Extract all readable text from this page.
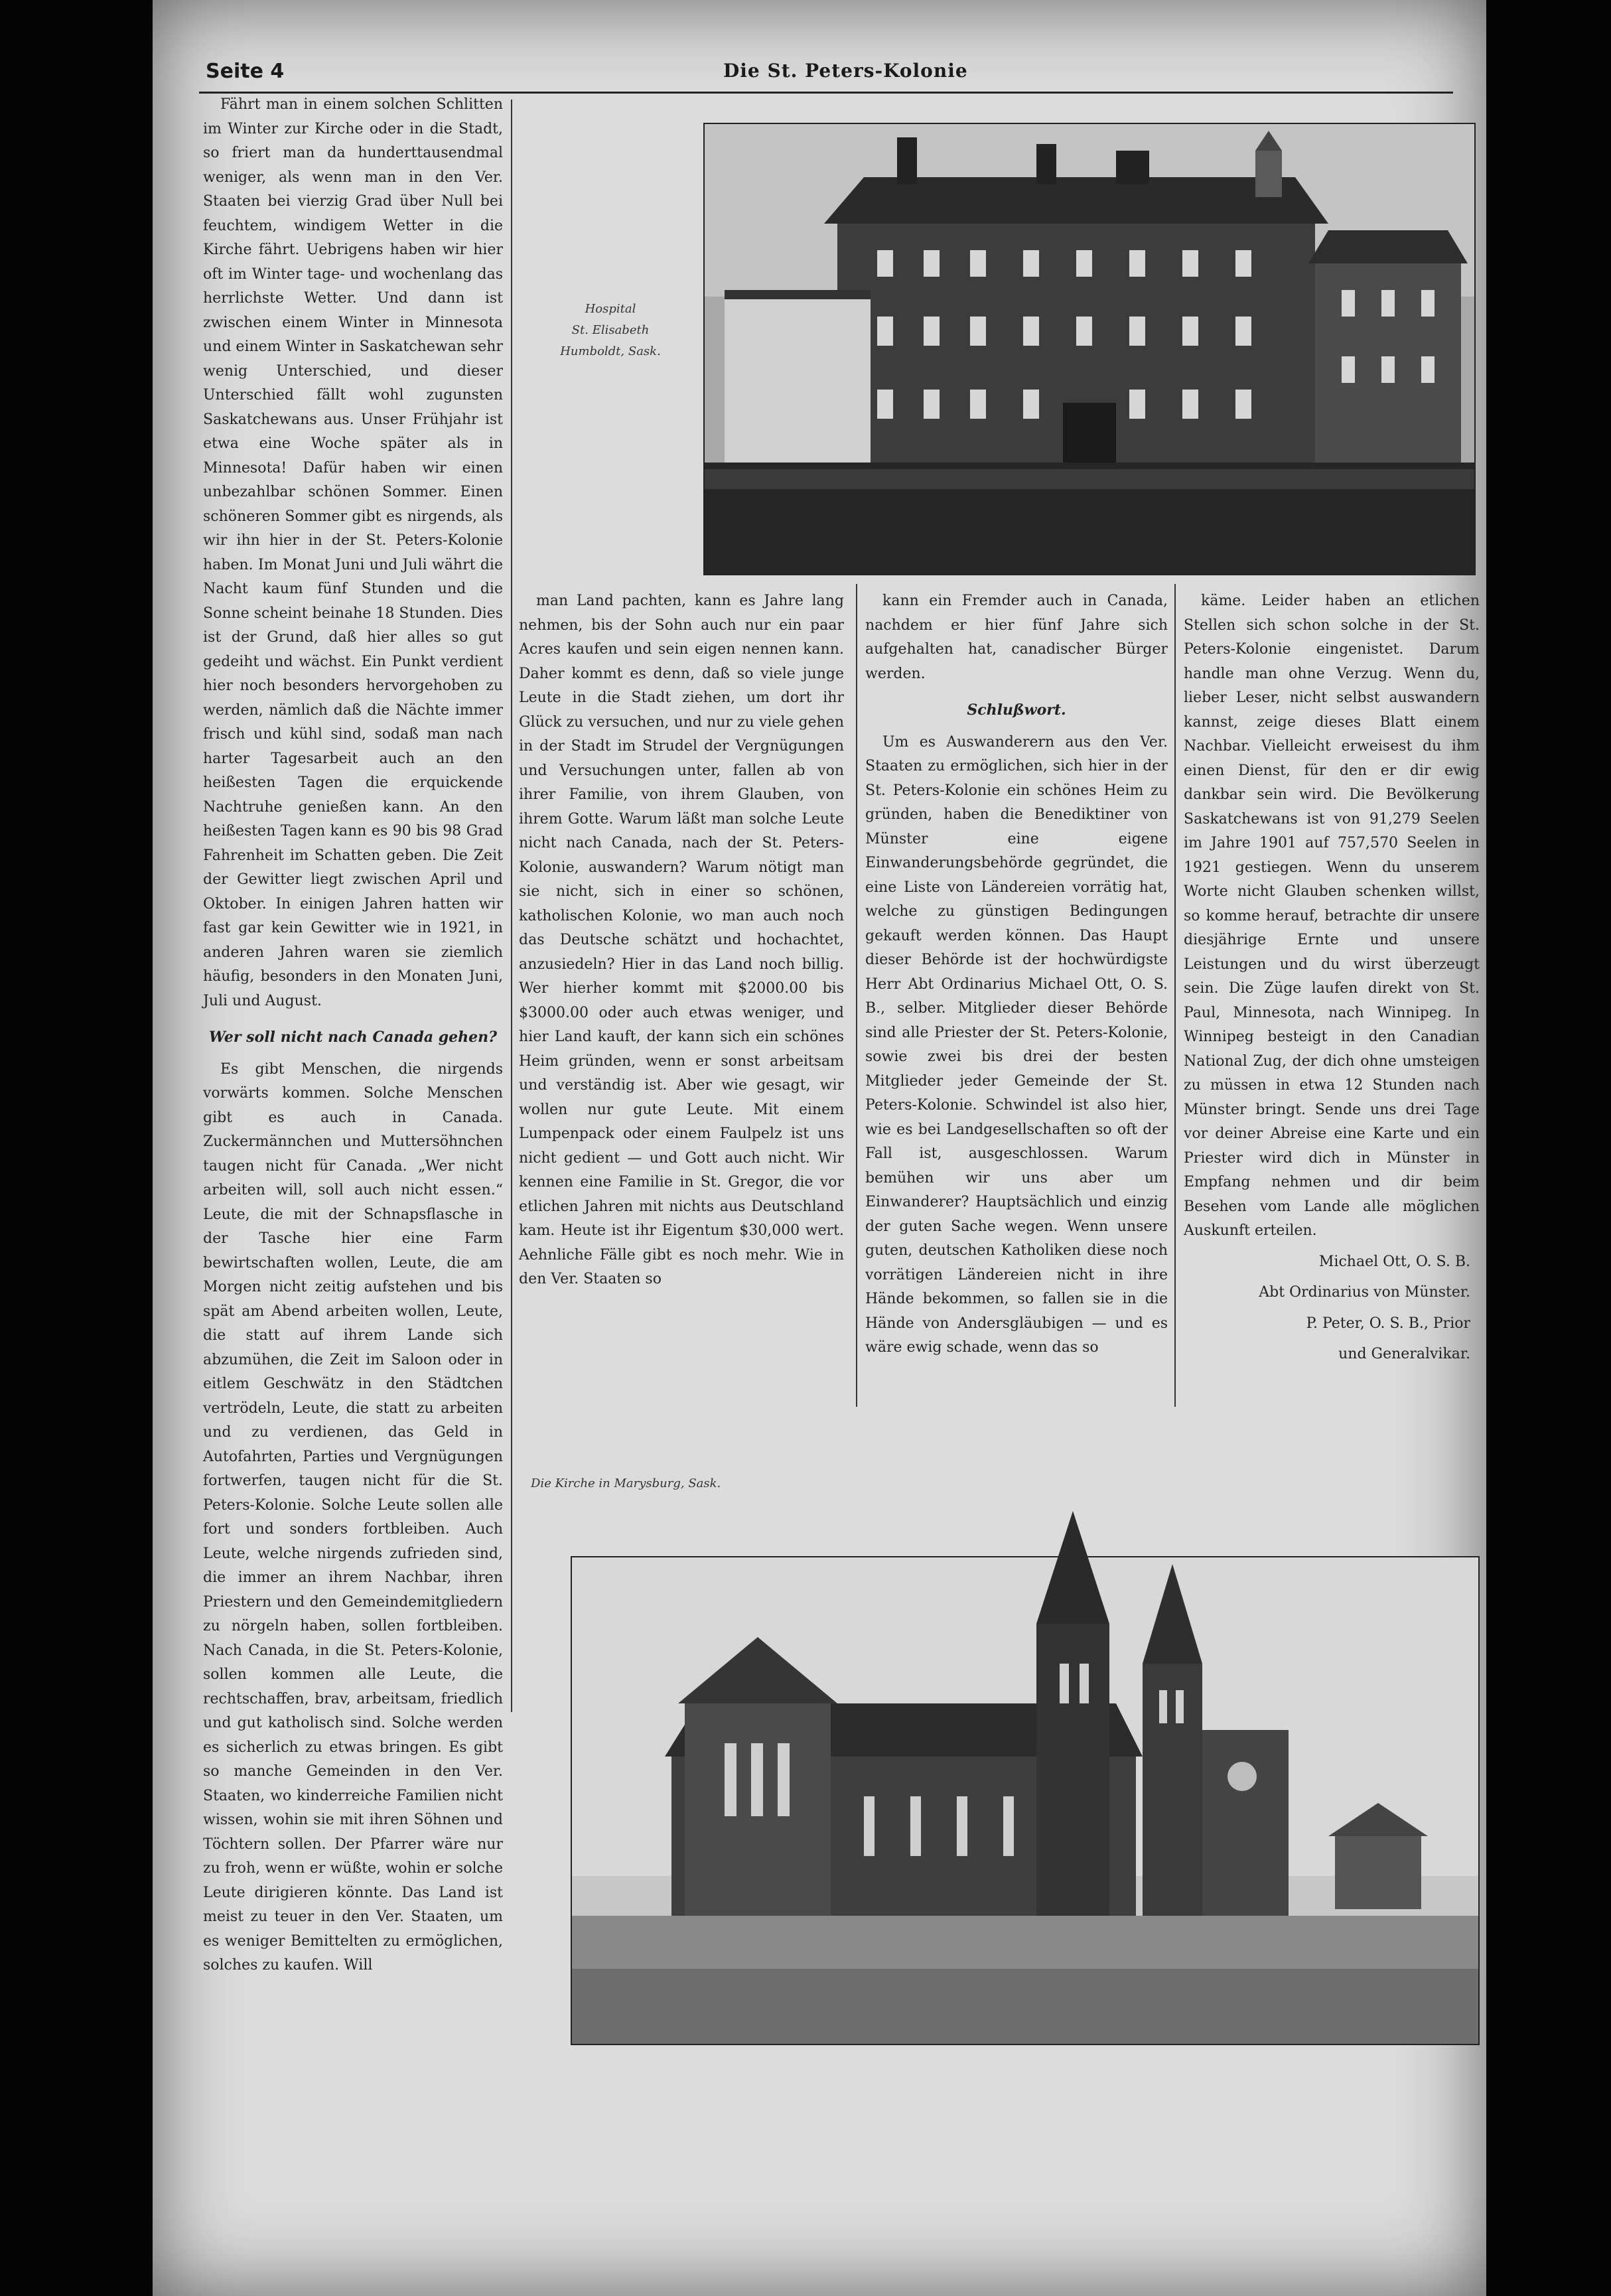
Seite 4	Die St. Peters-Kolonie

Fährt man in einem solchen Schlitten im Winter zur Kirche oder in die Stadt, so friert man da hunderttausendmal weniger, als wenn man in den Ver. Staaten bei vierzig Grad über Null bei feuchtem, windigem Wetter in die Kirche fährt. Uebrigens haben wir hier oft im Winter tage- und wochenlang das herrlichste Wetter. Und dann ist zwischen einem Winter in Minnesota und einem Winter in Saskatchewan sehr wenig Unterschied, und dieser Unterschied fällt wohl zugunsten Saskatchewans aus. Unser Frühjahr ist etwa eine Woche später als in Minnesota! Dafür haben wir einen unbezahlbar schönen Sommer. Einen schöneren Sommer gibt es nirgends, als wir ihn hier in der St. Peters-Kolonie haben. Im Monat Juni und Juli währt die Nacht kaum fünf Stunden und die Sonne scheint beinahe 18 Stunden. Dies ist der Grund, daß hier alles so gut gedeiht und wächst. Ein Punkt verdient hier noch besonders hervorgehoben zu werden, nämlich daß die Nächte immer frisch und kühl sind, sodaß man nach harter Tagesarbeit auch an den heißesten Tagen die erquickende Nachtruhe genießen kann. An den heißesten Tagen kann es 90 bis 98 Grad Fahrenheit im Schatten geben. Die Zeit der Gewitter liegt zwischen April und Oktober. In einigen Jahren hatten wir fast gar kein Gewitter wie in 1921, in anderen Jahren waren sie ziemlich häufig, besonders in den Monaten Juni, Juli und August.

Wer soll nicht nach Canada gehen?

Es gibt Menschen, die nirgends vorwärts kommen. Solche Menschen gibt es auch in Canada. Zuckermännchen und Muttersöhnchen taugen nicht für Canada. „Wer nicht arbeiten will, soll auch nicht essen.“ Leute, die mit der Schnapsflasche in der Tasche hier eine Farm bewirtschaften wollen, Leute, die am Morgen nicht zeitig aufstehen und bis spät am Abend arbeiten wollen, Leute, die statt auf ihrem Lande sich abzumühen, die Zeit im Saloon oder in eitlem Geschwätz in den Städtchen vertrödeln, Leute, die statt zu arbeiten und zu verdienen, das Geld in Autofahrten, Parties und Vergnügungen fortwerfen, taugen nicht für die St. Peters-Kolonie. Solche Leute sollen alle fort und sonders fortbleiben. Auch Leute, welche nirgends zufrieden sind, die immer an ihrem Nachbar, ihren Priestern und den Gemeindemitgliedern zu nörgeln haben, sollen fortbleiben. Nach Canada, in die St. Peters-Kolonie, sollen kommen alle Leute, die rechtschaffen, brav, arbeitsam, friedlich und gut katholisch sind. Solche werden es sicherlich zu etwas bringen. Es gibt so manche Gemeinden in den Ver. Staaten, wo kinderreiche Familien nicht wissen, wohin sie mit ihren Söhnen und Töchtern sollen. Der Pfarrer wäre nur zu froh, wenn er wüßte, wohin er solche Leute dirigieren könnte. Das Land ist meist zu teuer in den Ver. Staaten, um es weniger Bemittelten zu ermöglichen, solches zu kaufen. Will

man Land pachten, kann es Jahre lang nehmen, bis der Sohn auch nur ein paar Acres kaufen und sein eigen nennen kann. Daher kommt es denn, daß so viele junge Leute in die Stadt ziehen, um dort ihr Glück zu versuchen, und nur zu viele gehen in der Stadt im Strudel der Vergnügungen und Versuchungen unter, fallen ab von ihrer Familie, von ihrem Glauben, von ihrem Gotte. Warum läßt man solche Leute nicht nach Canada, nach der St. Peters-Kolonie, auswandern? Warum nötigt man sie nicht, sich in einer so schönen, katholischen Kolonie, wo man auch noch das Deutsche schätzt und hochachtet, anzusiedeln? Hier in das Land noch billig. Wer hierher kommt mit $2000.00 bis $3000.00 oder auch etwas weniger, und hier Land kauft, der kann sich ein schönes Heim gründen, wenn er sonst arbeitsam und verständig ist. Aber wie gesagt, wir wollen nur gute Leute. Mit einem Lumpenpack oder einem Faulpelz ist uns nicht gedient — und Gott auch nicht. Wir kennen eine Familie in St. Gregor, die vor etlichen Jahren mit nichts aus Deutschland kam. Heute ist ihr Eigentum $30,000 wert. Aehnliche Fälle gibt es noch mehr. Wie in den Ver. Staaten so

kann ein Fremder auch in Canada, nachdem er hier fünf Jahre sich aufgehalten hat, canadischer Bürger werden.

Schlußwort.

Um es Auswanderern aus den Ver. Staaten zu ermöglichen, sich hier in der St. Peters-Kolonie ein schönes Heim zu gründen, haben die Benediktiner von Münster eine eigene Einwanderungsbehörde gegründet, die eine Liste von Ländereien vorrätig hat, welche zu günstigen Bedingungen gekauft werden können. Das Haupt dieser Behörde ist der hochwürdigste Herr Abt Ordinarius Michael Ott, O. S. B., selber. Mitglieder dieser Behörde sind alle Priester der St. Peters-Kolonie, sowie zwei bis drei der besten Mitglieder jeder Gemeinde der St. Peters-Kolonie. Schwindel ist also hier, wie es bei Landgesellschaften so oft der Fall ist, ausgeschlossen. Warum bemühen wir uns aber um Einwanderer? Hauptsächlich und einzig der guten Sache wegen. Wenn unsere guten, deutschen Katholiken diese noch vorrätigen Ländereien nicht in ihre Hände bekommen, so fallen sie in die Hände von Andersgläubigen — und es wäre ewig schade, wenn das so

käme. Leider haben an etlichen Stellen sich schon solche in der St. Peters-Kolonie eingenistet. Darum handle man ohne Verzug. Wenn du, lieber Leser, nicht selbst auswandern kannst, zeige dieses Blatt einem Nachbar. Vielleicht erweisest du ihm einen Dienst, für den er dir ewig dankbar sein wird. Die Bevölkerung Saskatchewans ist von 91,279 Seelen im Jahre 1901 auf 757,570 Seelen in 1921 gestiegen. Wenn du unserem Worte nicht Glauben schenken willst, so komme herauf, betrachte dir unsere diesjährige Ernte und unsere Leistungen und du wirst überzeugt sein. Die Züge laufen direkt von St. Paul, Minnesota, nach Winnipeg. In Winnipeg besteigt in den Canadian National Zug, der dich ohne umsteigen zu müssen in etwa 12 Stunden nach Münster bringt. Sende uns drei Tage vor deiner Abreise eine Karte und ein Priester wird dich in Münster in Empfang nehmen und dir beim Besehen vom Lande alle möglichen Auskunft erteilen.

Michael Ott, O. S. B.

Abt Ordinarius von Münster.

P. Peter, O. S. B., Prior

und Generalvikar.

Hospital
St. Elisabeth
Humboldt, Sask.
Die Kirche in Marysburg, Sask.
